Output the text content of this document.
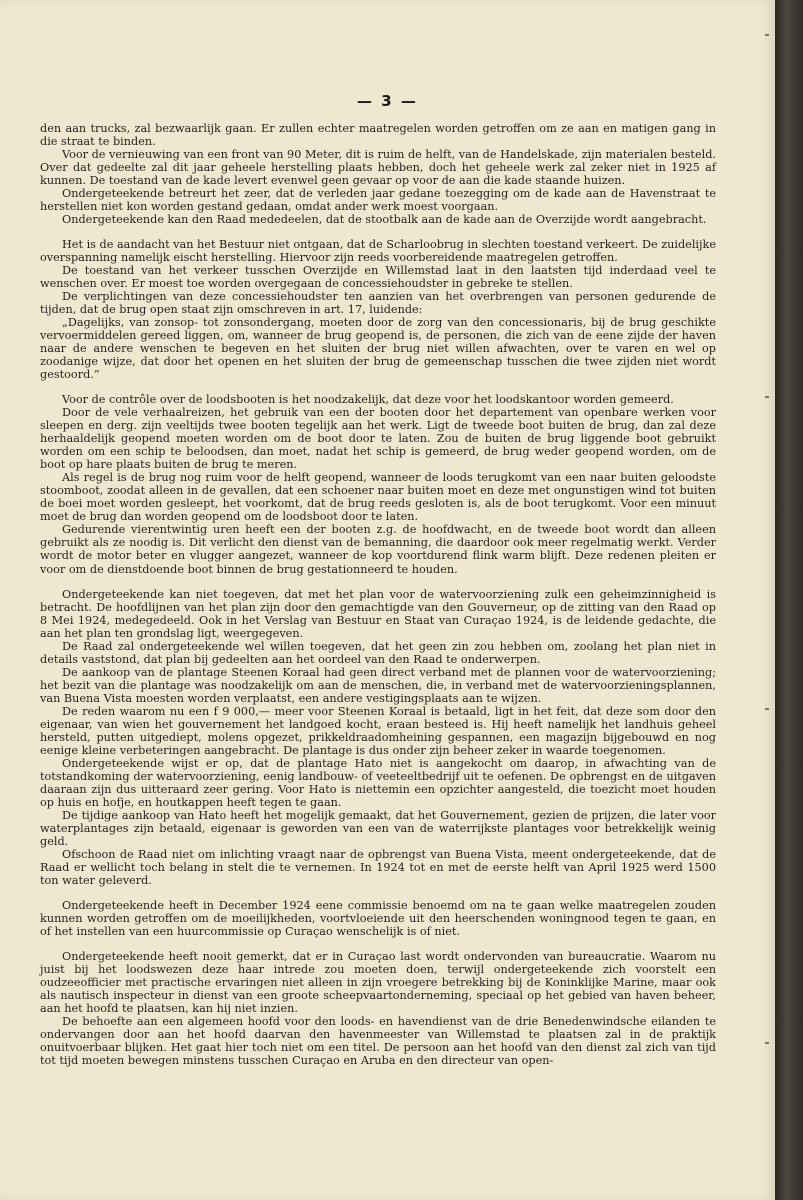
— 3 —

den aan trucks, zal bezwaarlijk gaan. Er zullen echter maatregelen worden getroffen om ze aan en matigen gang in die straat te binden.

Voor de vernieuwing van een front van 90 Meter, dit is ruim de helft, van de Handelskade, zijn materialen besteld. Over dat gedeelte zal dit jaar geheele herstelling plaats hebben, doch het geheele werk zal zeker niet in 1925 af kunnen. De toestand van de kade levert evenwel geen gevaar op voor de aan die kade staande huizen.

Ondergeteekende betreurt het zeer, dat de verleden jaar gedane toezegging om de kade aan de Havenstraat te herstellen niet kon worden gestand gedaan, omdat ander werk moest voorgaan.

Ondergeteekende kan den Raad mededeelen, dat de stootbalk aan de kade aan de Overzijde wordt aangebracht.

Het is de aandacht van het Bestuur niet ontgaan, dat de Scharloobrug in slechten toestand verkeert. De zuidelijke overspanning namelijk eischt herstelling. Hiervoor zijn reeds voorbereidende maatregelen getroffen.

De toestand van het verkeer tusschen Overzijde en Willemstad laat in den laatsten tijd inderdaad veel te wenschen over. Er moest toe worden overgegaan de concessiehoudster in gebreke te stellen.

De verplichtingen van deze concessiehoudster ten aanzien van het overbrengen van personen gedurende de tijden, dat de brug open staat zijn omschreven in art. 17, luidende:

„Dagelijks, van zonsop- tot zonsondergang, moeten door de zorg van den concessionaris, bij de brug geschikte vervoermiddelen gereed liggen, om, wanneer de brug geopend is, de personen, die zich van de eene zijde der haven naar de andere wenschen te begeven en het sluiten der brug niet willen afwachten, over te varen en wel op zoodanige wijze, dat door het openen en het sluiten der brug de gemeenschap tusschen die twee zijden niet wordt gestoord.”

Voor de contrôle over de loodsbooten is het noodzakelijk, dat deze voor het loodskantoor worden gemeerd.

Door de vele verhaalreizen, het gebruik van een der booten door het departement van openbare werken voor sleepen en derg. zijn veeltijds twee booten tegelijk aan het werk. Ligt de tweede boot buiten de brug, dan zal deze herhaaldelijk geopend moeten worden om de boot door te laten. Zou de buiten de brug liggende boot gebruikt worden om een schip te beloodsen, dan moet, nadat het schip is gemeerd, de brug weder geopend worden, om de boot op hare plaats buiten de brug te meren.

Als regel is de brug nog ruim voor de helft geopend, wanneer de loods terugkomt van een naar buiten geloodste stoomboot, zoodat alleen in de gevallen, dat een schoener naar buiten moet en deze met ongunstigen wind tot buiten de boei moet worden gesleept, het voorkomt, dat de brug reeds gesloten is, als de boot terugkomt. Voor een minuut moet de brug dan worden geopend om de loodsboot door te laten.

Gedurende vierentwintig uren heeft een der booten z.g. de hoofdwacht, en de tweede boot wordt dan alleen gebruikt als ze noodig is. Dit verlicht den dienst van de bemanning, die daardoor ook meer regelmatig werkt. Verder wordt de motor beter en vlugger aangezet, wanneer de kop voortdurend flink warm blijft. Deze redenen pleiten er voor om de dienstdoende boot binnen de brug gestationneerd te houden.

Ondergeteekende kan niet toegeven, dat met het plan voor de watervoorziening zulk een geheimzinnigheid is betracht. De hoofdlijnen van het plan zijn door den gemachtigde van den Gouverneur, op de zitting van den Raad op 8 Mei 1924, medegedeeld. Ook in het Verslag van Bestuur en Staat van Curaçao 1924, is de leidende gedachte, die aan het plan ten grondslag ligt, weergegeven.

De Raad zal ondergeteekende wel willen toegeven, dat het geen zin zou hebben om, zoolang het plan niet in details vaststond, dat plan bij gedeelten aan het oordeel van den Raad te onderwerpen.

De aankoop van de plantage Steenen Koraal had geen direct verband met de plannen voor de watervoorziening; het bezit van die plantage was noodzakelijk om aan de menschen, die, in verband met de watervoorzieningsplannen, van Buena Vista moesten worden verplaatst, een andere vestigingsplaats aan te wijzen.

De reden waarom nu een f 9 000,— meer voor Steenen Koraal is betaald, ligt in het feit, dat deze som door den eigenaar, van wien het gouvernement het landgoed kocht, eraan besteed is. Hij heeft namelijk het landhuis geheel hersteld, putten uitgediept, molens opgezet, prikkeldraadomheining gespannen, een magazijn bijgebouwd en nog eenige kleine verbeteringen aangebracht. De plantage is dus onder zijn beheer zeker in waarde toegenomen.

Ondergeteekende wijst er op, dat de plantage Hato niet is aangekocht om daarop, in afwachting van de totstandkoming der watervoorziening, eenig landbouw- of veeteeltbedrijf uit te oefenen. De opbrengst en de uitgaven daaraan zijn dus uitteraard zeer gering. Voor Hato is niettemin een opzichter aangesteld, die toezicht moet houden op huis en hofje, en houtkappen heeft tegen te gaan.

De tijdige aankoop van Hato heeft het mogelijk gemaakt, dat het Gouvernement, gezien de prijzen, die later voor waterplantages zijn betaald, eigenaar is geworden van een van de waterrijkste plantages voor betrekkelijk weinig geld.

Ofschoon de Raad niet om inlichting vraagt naar de opbrengst van Buena Vista, meent ondergeteekende, dat de Raad er wellicht toch belang in stelt die te vernemen. In 1924 tot en met de eerste helft van April 1925 werd 1500 ton water geleverd.

Ondergeteekende heeft in December 1924 eene commissie benoemd om na te gaan welke maatregelen zouden kunnen worden getroffen om de moeilijkheden, voortvloeiende uit den heerschenden woningnood tegen te gaan, en of het instellen van een huurcommissie op Curaçao wenschelijk is of niet.

Ondergeteekende heeft nooit gemerkt, dat er in Curaçao last wordt ondervonden van bureaucratie. Waarom nu juist bij het loodswezen deze haar intrede zou moeten doen, terwijl ondergeteekende zich voorstelt een oudzeeofficier met practische ervaringen niet alleen in zijn vroegere betrekking bij de Koninklijke Marine, maar ook als nautisch inspecteur in dienst van een groote scheepvaartonderneming, speciaal op het gebied van haven beheer, aan het hoofd te plaatsen, kan hij niet inzien.

De behoefte aan een algemeen hoofd voor den loods- en havendienst van de drie Benedenwindsche eilanden te ondervangen door aan het hoofd daarvan den havenmeester van Willemstad te plaatsen zal in de praktijk onuitvoerbaar blijken. Het gaat hier toch niet om een titel. De persoon aan het hoofd van den dienst zal zich van tijd tot tijd moeten bewegen minstens tusschen Curaçao en Aruba en den directeur van open-
